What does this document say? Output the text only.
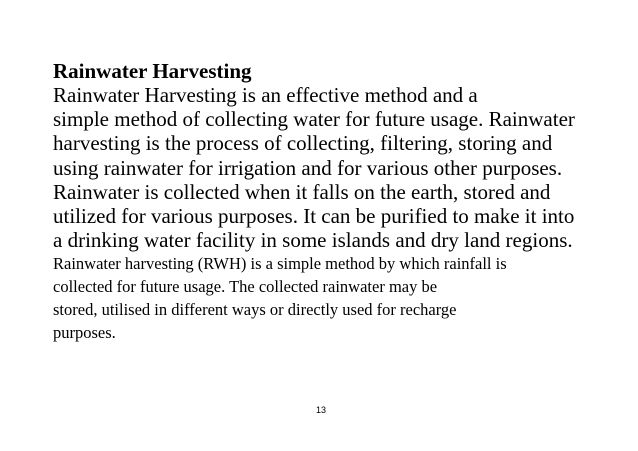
Rainwater Harvesting

Rainwater Harvesting is an effective method and a
simple method of collecting water for future usage. Rainwater
harvesting is the process of collecting, filtering, storing and
using rainwater for irrigation and for various other purposes.
Rainwater is collected when it falls on the earth, stored and
utilized for various purposes. It can be purified to make it into
a drinking water facility in some islands and dry land regions.

Rainwater harvesting (RWH) is a simple method by which rainfall is
collected for future usage. The collected rainwater may be
stored, utilised in different ways or directly used for recharge
purposes.

13
